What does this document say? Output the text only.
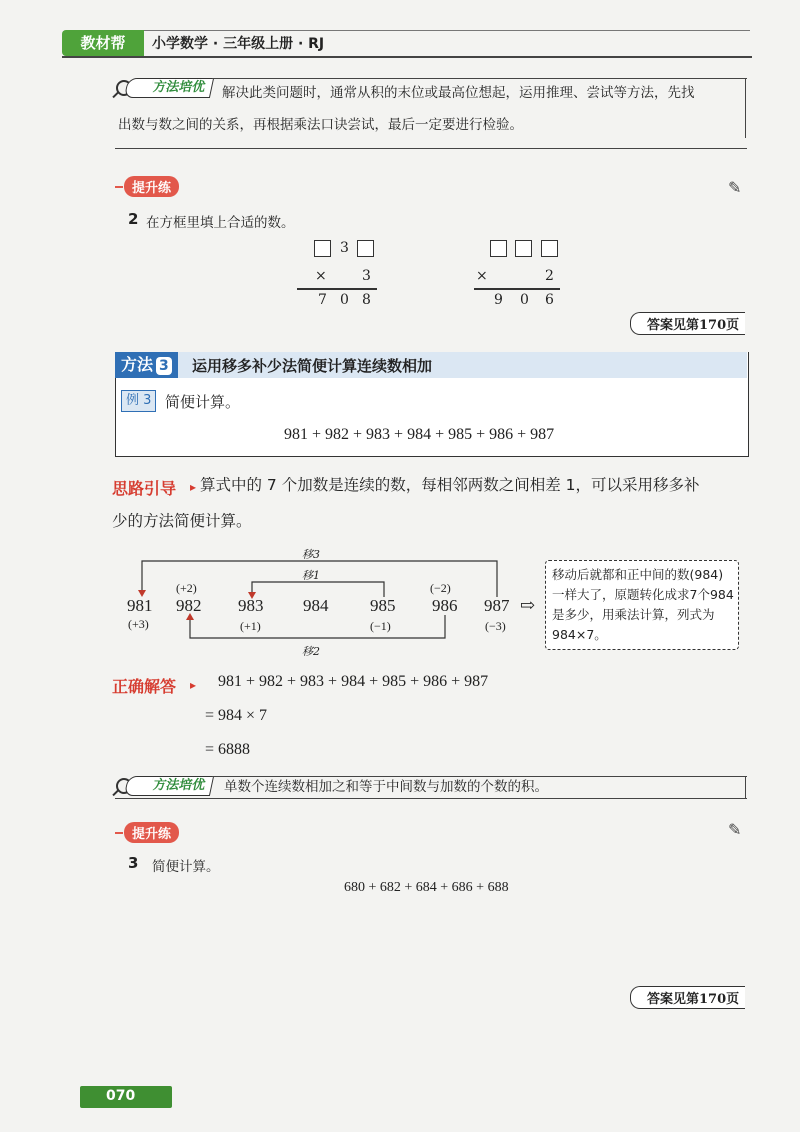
教材帮	小学数学 · 三年级上册 · RJ
方法培优	解决此类问题时，通常从积的末位或最高位想起，运用推理、尝试等方法，先找
出数与数之间的关系，再根据乘法口诀尝试，最后一定要进行检验。
提升练	✎
2 在方框里填上合适的数。
3
×	3
7 0 8
×	2
9 0 6
答案见第170页
方法 3	运用移多补少法简便计算连续数相加
例 3 简便计算。
981 + 982 + 983 + 984 + 985 + 986 + 987
思路引导 ▸ 算式中的 7 个加数是连续的数，每相邻两数之间相差 1，可以采用移多补
少的方法简便计算。
移3
移1
移2
(+2)	(−2)
981 982 983 984 985 986 987
(+3)	(+1)	(−1)	(−3)
⇨
移动后就都和正中间的数(984)一样大了，原题转化成求7个984是多少，用乘法计算，列式为984×7。
正确解答 ▸ 981 + 982 + 983 + 984 + 985 + 986 + 987
= 984 × 7
= 6888
方法培优	单数个连续数相加之和等于中间数与加数的个数的积。
提升练	✎
3 简便计算。
680 + 682 + 684 + 686 + 688
答案见第170页
070
